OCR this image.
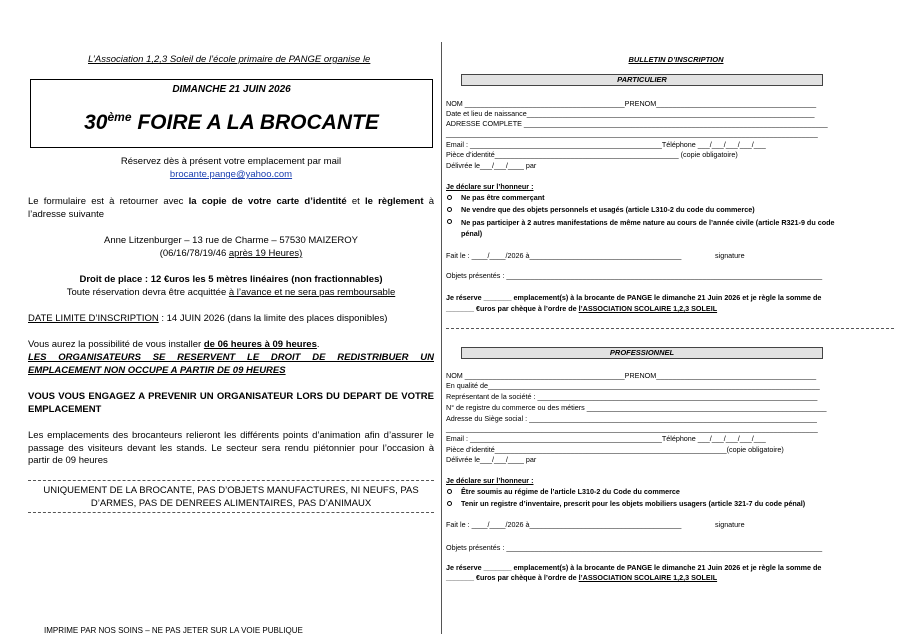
L’Association 1,2,3 Soleil de l’école primaire de PANGE organise le
DIMANCHE 21 JUIN 2026
30ème FOIRE A LA BROCANTE
Réservez dès à présent votre emplacement par mail
brocante.pange@yahoo.com
Le formulaire est à retourner avec la copie de votre carte d’identité et le règlement à l’adresse suivante
Anne Litzenburger – 13 rue de Charme – 57530 MAIZEROY
(06/16/78/19/46 après 19 Heures)
Droit de place : 12 €uros les 5 mètres linéaires (non fractionnables)
Toute réservation devra être acquittée à l’avance et ne sera pas remboursable
DATE LIMITE D’INSCRIPTION : 14 JUIN 2026 (dans la limite des places disponibles)
Vous aurez la possibilité de vous installer de 06 heures à 09 heures.
LES ORGANISATEURS SE RESERVENT LE DROIT DE REDISTRIBUER UN EMPLACEMENT NON OCCUPE A PARTIR DE 09 HEURES
VOUS VOUS ENGAGEZ A PREVENIR UN ORGANISATEUR LORS DU DEPART DE VOTRE EMPLACEMENT
Les emplacements des brocanteurs relieront les différents points d’animation afin d’assurer le passage des visiteurs devant les stands. Le secteur sera rendu piétonnier pour l’occasion à partir de 09 heures
UNIQUEMENT DE LA BROCANTE, PAS D’OBJETS MANUFACTURES, NI NEUFS, PAS D’ARMES, PAS DE DENREES ALIMENTAIRES, PAS D’ANIMAUX
IMPRIME PAR NOS SOINS – NE PAS JETER SUR LA VOIE PUBLIQUE
BULLETIN D’INSCRIPTION
PARTICULIER
NOM ________________________________________PRENOM________________________________________
Date et lieu de naissance________________________________________________________________________
ADRESSE COMPLETE ____________________________________________________________________________
_____________________________________________________________________________________________
Email : ________________________________________________Téléphone ___/___/___/___/___
Pièce d’identité______________________________________________ (copie obligatoire)
Délivrée le___/___/____ par
Je déclare sur l’honneur :
Ne pas être commerçant
Ne vendre que des objets personnels et usagés (article L310-2 du code du commerce)
Ne pas participer à 2 autres manifestations de même nature au cours de l’année civile (article R321-9 du code pénal)
Fait le : ____/____/2026 à______________________________________	signature
Objets présentés : _______________________________________________________________________________
Je réserve _______ emplacement(s) à la brocante de PANGE le dimanche 21 Juin 2026 et je règle la somme de
_______ €uros par chèque à l’ordre de l’ASSOCIATION SCOLAIRE 1,2,3 SOLEIL
PROFESSIONNEL
NOM ________________________________________PRENOM________________________________________
En qualité de___________________________________________________________________________________
Représentant de la société : ______________________________________________________________________
N° de registre du commerce ou des métiers ____________________________________________________________
Adresse du Siège social : ________________________________________________________________________
_____________________________________________________________________________________________
Email : ________________________________________________Téléphone ___/___/___/___/___
Pièce d’identité__________________________________________________________(copie obligatoire)
Délivrée le___/___/____ par
Je déclare sur l’honneur :
Être soumis au régime de l’article L310-2 du Code du commerce
Tenir un registre d’inventaire, prescrit pour les objets mobiliers usagers (article 321-7 du code pénal)
Fait le : ____/____/2026 à______________________________________	signature
Objets présentés : _______________________________________________________________________________
Je réserve _______ emplacement(s) à la brocante de PANGE le dimanche 21 Juin 2026 et je règle la somme de
_______ €uros par chèque à l’ordre de l’ASSOCIATION SCOLAIRE 1,2,3 SOLEIL
